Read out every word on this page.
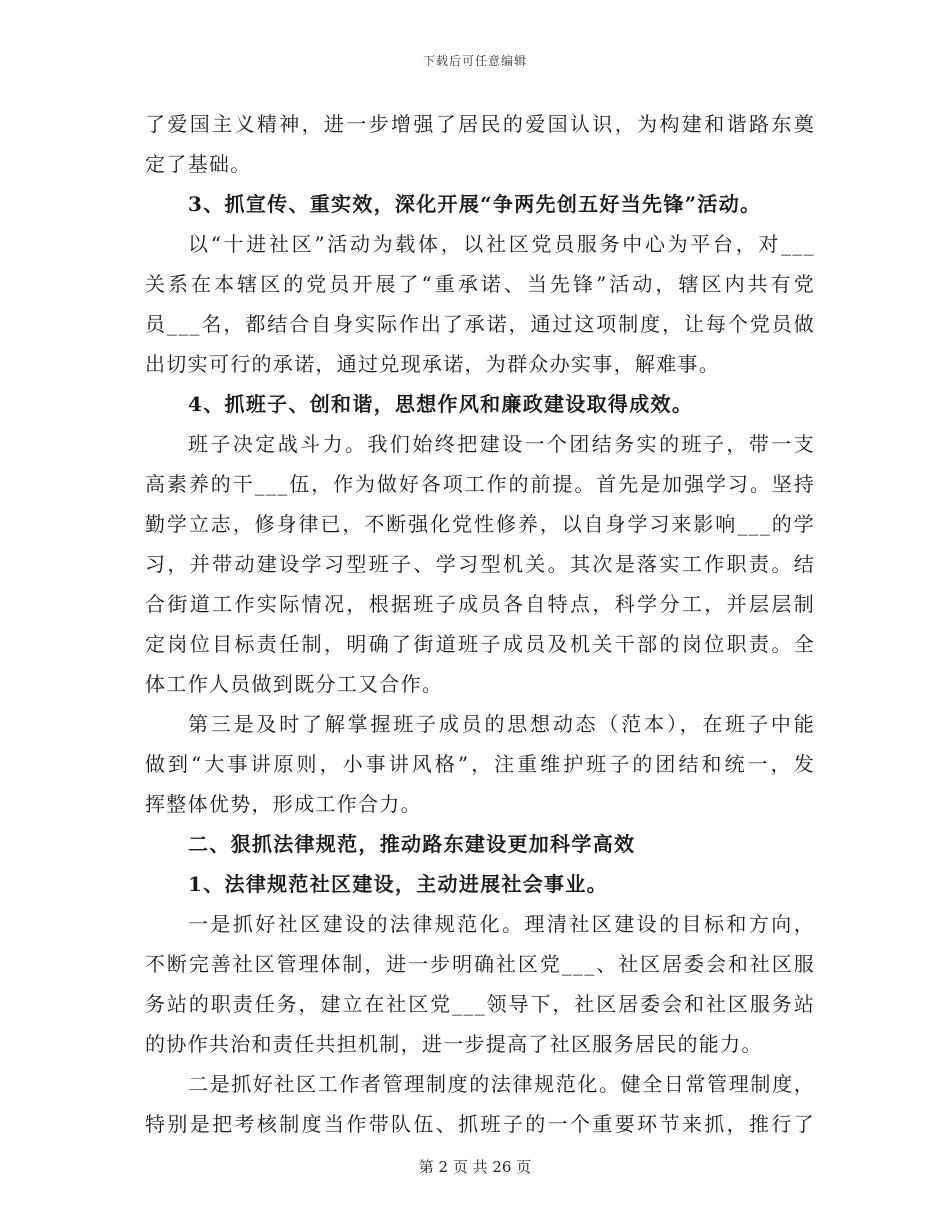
下载后可任意编辑
了爱国主义精神，进一步增强了居民的爱国认识，为构建和谐路东奠
定了基础。
3、抓宣传、重实效，深化开展“争两先创五好当先锋”活动。
以“十进社区”活动为载体，以社区党员服务中心为平台，对___
关系在本辖区的党员开展了“重承诺、当先锋”活动，辖区内共有党
员___名，都结合自身实际作出了承诺，通过这项制度，让每个党员做
出切实可行的承诺，通过兑现承诺，为群众办实事，解难事。
4、抓班子、创和谐，思想作风和廉政建设取得成效。
班子决定战斗力。我们始终把建设一个团结务实的班子，带一支
高素养的干___伍，作为做好各项工作的前提。首先是加强学习。坚持
勤学立志，修身律已，不断强化党性修养，以自身学习来影响___的学
习，并带动建设学习型班子、学习型机关。其次是落实工作职责。结
合街道工作实际情况，根据班子成员各自特点，科学分工，并层层制
定岗位目标责任制，明确了街道班子成员及机关干部的岗位职责。全
体工作人员做到既分工又合作。
第三是及时了解掌握班子成员的思想动态（范本），在班子中能
做到“大事讲原则，小事讲风格”，注重维护班子的团结和统一，发
挥整体优势，形成工作合力。
二、狠抓法律规范，推动路东建设更加科学高效
1、法律规范社区建设，主动进展社会事业。
一是抓好社区建设的法律规范化。理清社区建设的目标和方向，
不断完善社区管理体制，进一步明确社区党___、社区居委会和社区服
务站的职责任务，建立在社区党___领导下，社区居委会和社区服务站
的协作共治和责任共担机制，进一步提高了社区服务居民的能力。
二是抓好社区工作者管理制度的法律规范化。健全日常管理制度，
特别是把考核制度当作带队伍、抓班子的一个重要环节来抓，推行了
第 2 页 共 26 页
